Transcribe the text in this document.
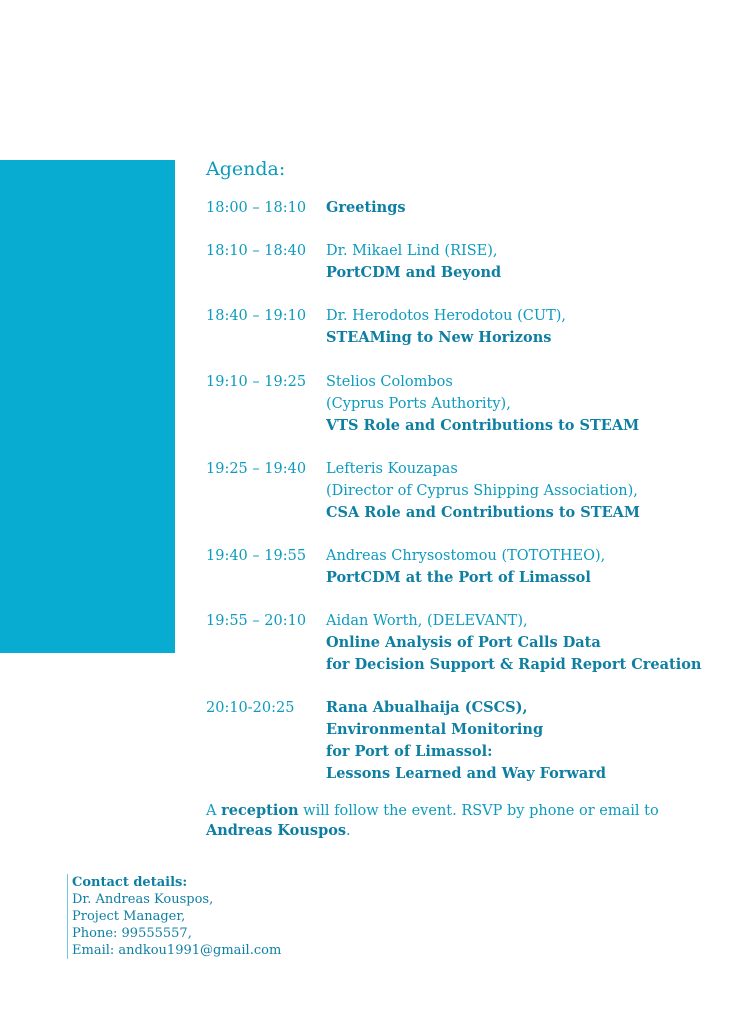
Agenda:
18:00 – 18:10	Greetings
18:10 – 18:40	Dr. Mikael Lind (RISE),
PortCDM and Beyond
18:40 – 19:10	Dr. Herodotos Herodotou (CUT),
STEAMing to New Horizons
19:10 – 19:25	Stelios Colombos
(Cyprus Ports Authority),
VTS Role and Contributions to STEAM
19:25 – 19:40	Lefteris Kouzapas
(Director of Cyprus Shipping Association),
CSA Role and Contributions to STEAM
19:40 – 19:55	Andreas Chrysostomou (TOTOTHEO),
PortCDM at the Port of Limassol
19:55 – 20:10	Aidan Worth, (DELEVANT),
Online Analysis of Port Calls Data
for Decision Support & Rapid Report Creation
20:10-20:25	Rana Abualhaija (CSCS),
Environmental Monitoring
for Port of Limassol:
Lessons Learned and Way Forward
A reception will follow the event. RSVP by phone or email to
Andreas Kouspos.
Contact details:
Dr. Andreas Kouspos,
Project Manager,
Phone: 99555557,
Email: andkou1991@gmail.com
